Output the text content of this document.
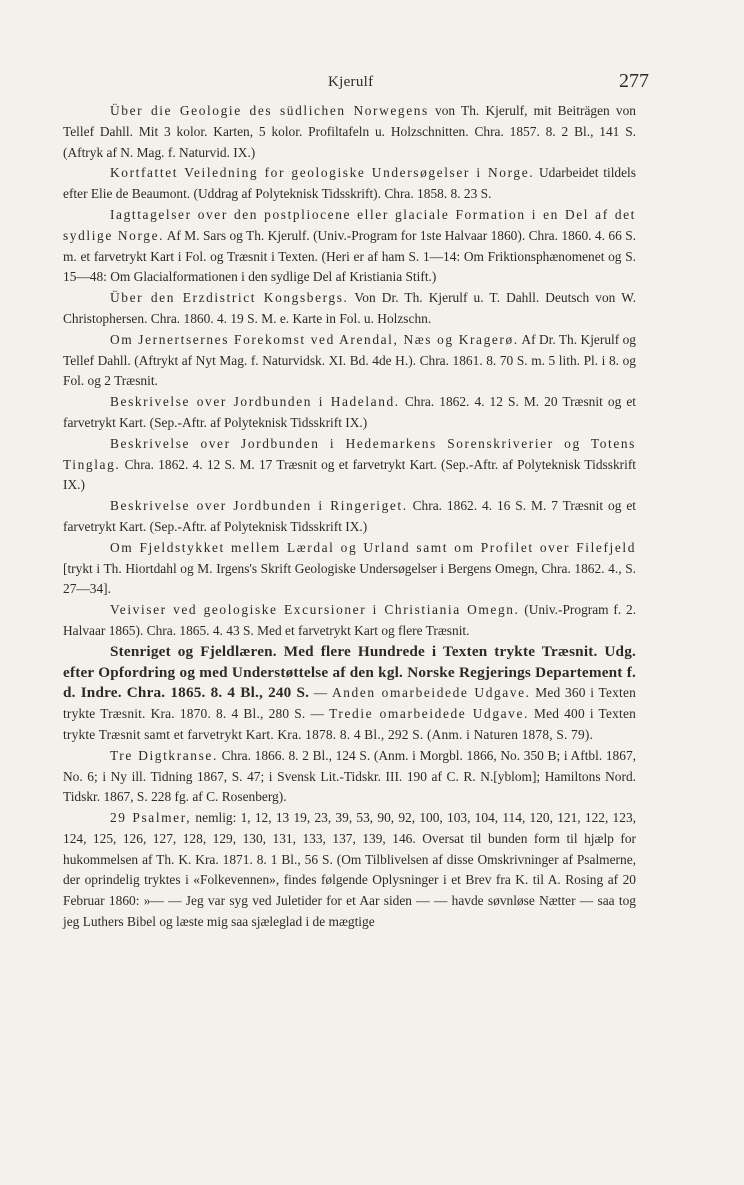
Kjerulf	277

Über die Geologie des südlichen Norwegens von Th. Kjerulf, mit Beiträgen von Tellef Dahll. Mit 3 kolor. Karten, 5 kolor. Profiltafeln u. Holzschnitten. Chra. 1857. 8. 2 Bl., 141 S. (Aftryk af N. Mag. f. Naturvid. IX.)

Kortfattet Veiledning for geologiske Undersøgelser i Norge. Udarbeidet tildels efter Elie de Beaumont. (Uddrag af Polyteknisk Tidsskrift). Chra. 1858. 8. 23 S.

Iagttagelser over den postpliocene eller glaciale Formation i en Del af det sydlige Norge. Af M. Sars og Th. Kjerulf. (Univ.-Program for 1ste Halvaar 1860). Chra. 1860. 4. 66 S. m. et farvetrykt Kart i Fol. og Træsnit i Texten. (Heri er af ham S. 1—14: Om Friktionsphænomenet og S. 15—48: Om Glacialformationen i den sydlige Del af Kristiania Stift.)

Über den Erzdistrict Kongsbergs. Von Dr. Th. Kjerulf u. T. Dahll. Deutsch von W. Christophersen. Chra. 1860. 4. 19 S. M. e. Karte in Fol. u. Holzschn.

Om Jernertsernes Forekomst ved Arendal, Næs og Kragerø. Af Dr. Th. Kjerulf og Tellef Dahll. (Aftrykt af Nyt Mag. f. Naturvidsk. XI. Bd. 4de H.). Chra. 1861. 8. 70 S. m. 5 lith. Pl. i 8. og Fol. og 2 Træsnit.

Beskrivelse over Jordbunden i Hadeland. Chra. 1862. 4. 12 S. M. 20 Træsnit og et farvetrykt Kart. (Sep.-Aftr. af Polyteknisk Tidsskrift IX.)

Beskrivelse over Jordbunden i Hedemarkens Sorenskriverier og Totens Tinglag. Chra. 1862. 4. 12 S. M. 17 Træsnit og et farvetrykt Kart. (Sep.-Aftr. af Polyteknisk Tidsskrift IX.)

Beskrivelse over Jordbunden i Ringeriget. Chra. 1862. 4. 16 S. M. 7 Træsnit og et farvetrykt Kart. (Sep.-Aftr. af Polyteknisk Tidsskrift IX.)

Om Fjeldstykket mellem Lærdal og Urland samt om Profilet over Filefjeld [trykt i Th. Hiortdahl og M. Irgens's Skrift Geologiske Undersøgelser i Bergens Omegn, Chra. 1862. 4., S. 27—34].

Veiviser ved geologiske Excursioner i Christiania Omegn. (Univ.-Program f. 2. Halvaar 1865). Chra. 1865. 4. 43 S. Med et farvetrykt Kart og flere Træsnit.

Stenriget og Fjeldlæren. Med flere Hundrede i Texten trykte Træsnit. Udg. efter Opfordring og med Understøttelse af den kgl. Norske Regjerings Departement f. d. Indre. Chra. 1865. 8. 4 Bl., 240 S. — Anden omarbeidede Udgave. Med 360 i Texten trykte Træsnit. Kra. 1870. 8. 4 Bl., 280 S. — Tredie omarbeidede Udgave. Med 400 i Texten trykte Træsnit samt et farvetrykt Kart. Kra. 1878. 8. 4 Bl., 292 S. (Anm. i Naturen 1878, S. 79).

Tre Digtkranse. Chra. 1866. 8. 2 Bl., 124 S. (Anm. i Morgbl. 1866, No. 350 B; i Aftbl. 1867, No. 6; i Ny ill. Tidning 1867, S. 47; i Svensk Lit.-Tidskr. III. 190 af C. R. N.[yblom]; Hamiltons Nord. Tidskr. 1867, S. 228 fg. af C. Rosenberg).

29 Psalmer, nemlig: 1, 12, 13 19, 23, 39, 53, 90, 92, 100, 103, 104, 114, 120, 121, 122, 123, 124, 125, 126, 127, 128, 129, 130, 131, 133, 137, 139, 146. Oversat til bunden form til hjælp for hukommelsen af Th. K. Kra. 1871. 8. 1 Bl., 56 S. (Om Tilblivelsen af disse Omskrivninger af Psalmerne, der oprindelig tryktes i «Folkevennen», findes følgende Oplysninger i et Brev fra K. til A. Rosing af 20 Februar 1860: »— — Jeg var syg ved Juletider for et Aar siden — — havde søvnløse Nætter — saa tog jeg Luthers Bibel og læste mig saa sjæleglad i de mægtige
